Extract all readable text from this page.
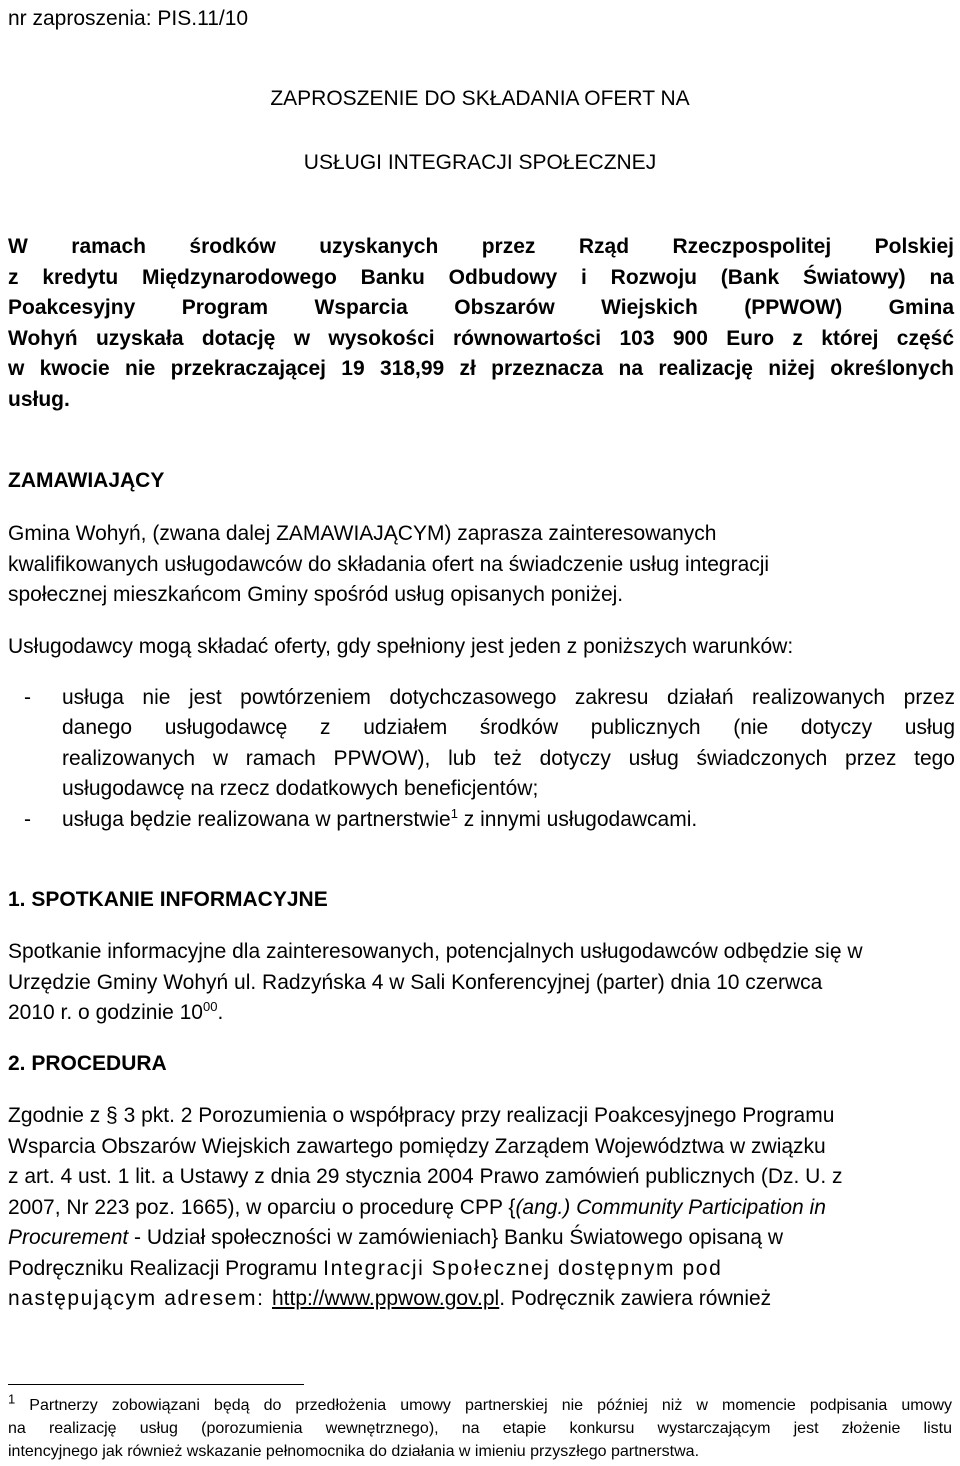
nr zaproszenia: PIS.11/10
ZAPROSZENIE DO SKŁADANIA OFERT NA
USŁUGI INTEGRACJI SPOŁECZNEJ
W ramach środków uzyskanych przez Rząd Rzeczpospolitej Polskiej
z kredytu Międzynarodowego Banku Odbudowy i Rozwoju (Bank Światowy) na
Poakcesyjny Program Wsparcia Obszarów Wiejskich (PPWOW) Gmina
Wohyń uzyskała dotację w wysokości równowartości 103 900 Euro z której część
w kwocie nie przekraczającej 19 318,99 zł przeznacza na realizację niżej określonych
usług.
ZAMAWIAJĄCY
Gmina Wohyń, (zwana dalej ZAMAWIAJĄCYM) zaprasza zainteresowanych
kwalifikowanych usługodawców do składania ofert na świadczenie usług integracji
społecznej mieszkańcom Gminy spośród usług opisanych poniżej.
Usługodawcy mogą składać oferty, gdy spełniony jest jeden z poniższych warunków:
- usługa nie jest powtórzeniem dotychczasowego zakresu działań realizowanych przez
danego usługodawcę z udziałem środków publicznych (nie dotyczy usług
realizowanych w ramach PPWOW), lub też dotyczy usług świadczonych przez tego
usługodawcę na rzecz dodatkowych beneficjentów;
- usługa będzie realizowana w partnerstwie$^1$ z innymi usługodawcami.
1. SPOTKANIE INFORMACYJNE
Spotkanie informacyjne dla zainteresowanych, potencjalnych usługodawców odbędzie się w
Urzędzie Gminy Wohyń ul. Radzyńska 4 w Sali Konferencyjnej (parter) dnia 10 czerwca
2010 r. o godzinie $10^{00}$.
2. PROCEDURA
Zgodnie z § 3 pkt. 2 Porozumienia o współpracy przy realizacji Poakcesyjnego Programu
Wsparcia Obszarów Wiejskich zawartego pomiędzy Zarządem Województwa w związku
z art. 4 ust. 1 lit. a Ustawy z dnia 29 stycznia 2004 Prawo zamówień publicznych (Dz. U. z
2007, Nr 223 poz. 1665), w oparciu o procedurę CPP {(ang.) Community Participation in
Procurement - Udział społeczności w zamówieniach} Banku Światowego opisaną w
Podręczniku Realizacji Programu Integracji Społecznej dostępnym pod
następującym adresem: http://www.ppwow.gov.pl. Podręcznik zawiera również
$^1$ Partnerzy zobowiązani będą do przedłożenia umowy partnerskiej nie później niż w momencie podpisania umowy
na realizację usług (porozumienia wewnętrznego), na etapie konkursu wystarczającym jest złożenie listu
intencyjnego jak również wskazanie pełnomocnika do działania w imieniu przyszłego partnerstwa.
